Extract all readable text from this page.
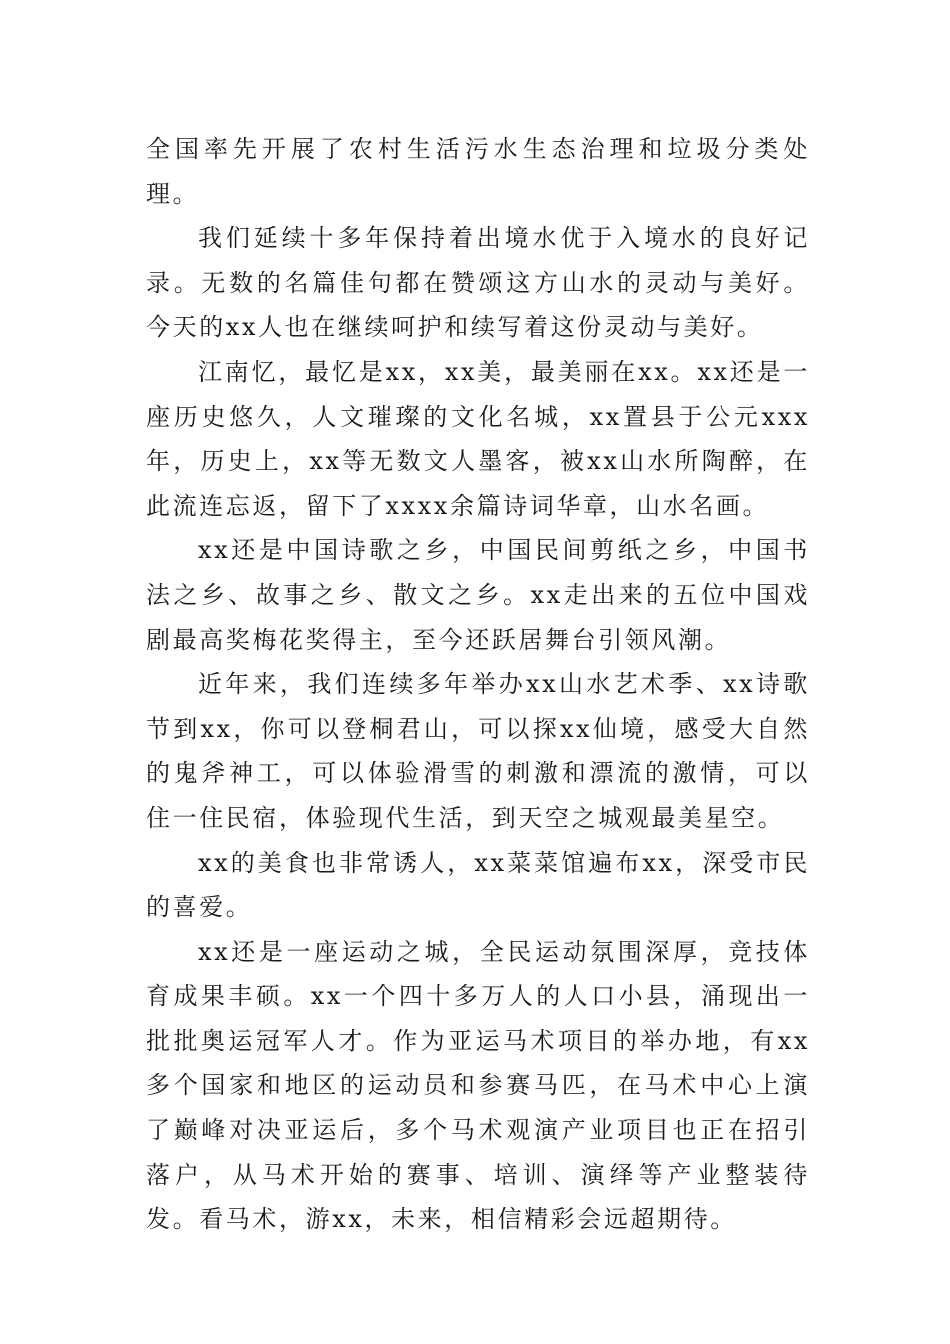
全国率先开展了农村生活污水生态治理和垃圾分类处理。

我们延续十多年保持着出境水优于入境水的良好记录。无数的名篇佳句都在赞颂这方山水的灵动与美好。今天的xx人也在继续呵护和续写着这份灵动与美好。

江南忆，最忆是xx，xx美，最美丽在xx。xx还是一座历史悠久，人文璀璨的文化名城，xx置县于公元xxx年，历史上，xx等无数文人墨客，被xx山水所陶醉，在此流连忘返，留下了xxxx余篇诗词华章，山水名画。

xx还是中国诗歌之乡，中国民间剪纸之乡，中国书法之乡、故事之乡、散文之乡。xx走出来的五位中国戏剧最高奖梅花奖得主，至今还跃居舞台引领风潮。

近年来，我们连续多年举办xx山水艺术季、xx诗歌节到xx，你可以登桐君山，可以探xx仙境，感受大自然的鬼斧神工，可以体验滑雪的刺激和漂流的激情，可以住一住民宿，体验现代生活，到天空之城观最美星空。

xx的美食也非常诱人，xx菜菜馆遍布xx，深受市民的喜爱。

xx还是一座运动之城，全民运动氛围深厚，竞技体育成果丰硕。xx一个四十多万人的人口小县，涌现出一批批奥运冠军人才。作为亚运马术项目的举办地，有xx多个国家和地区的运动员和参赛马匹，在马术中心上演了巅峰对决亚运后，多个马术观演产业项目也正在招引落户，从马术开始的赛事、培训、演绎等产业整装待发。看马术，游xx，未来，相信精彩会远超期待。
